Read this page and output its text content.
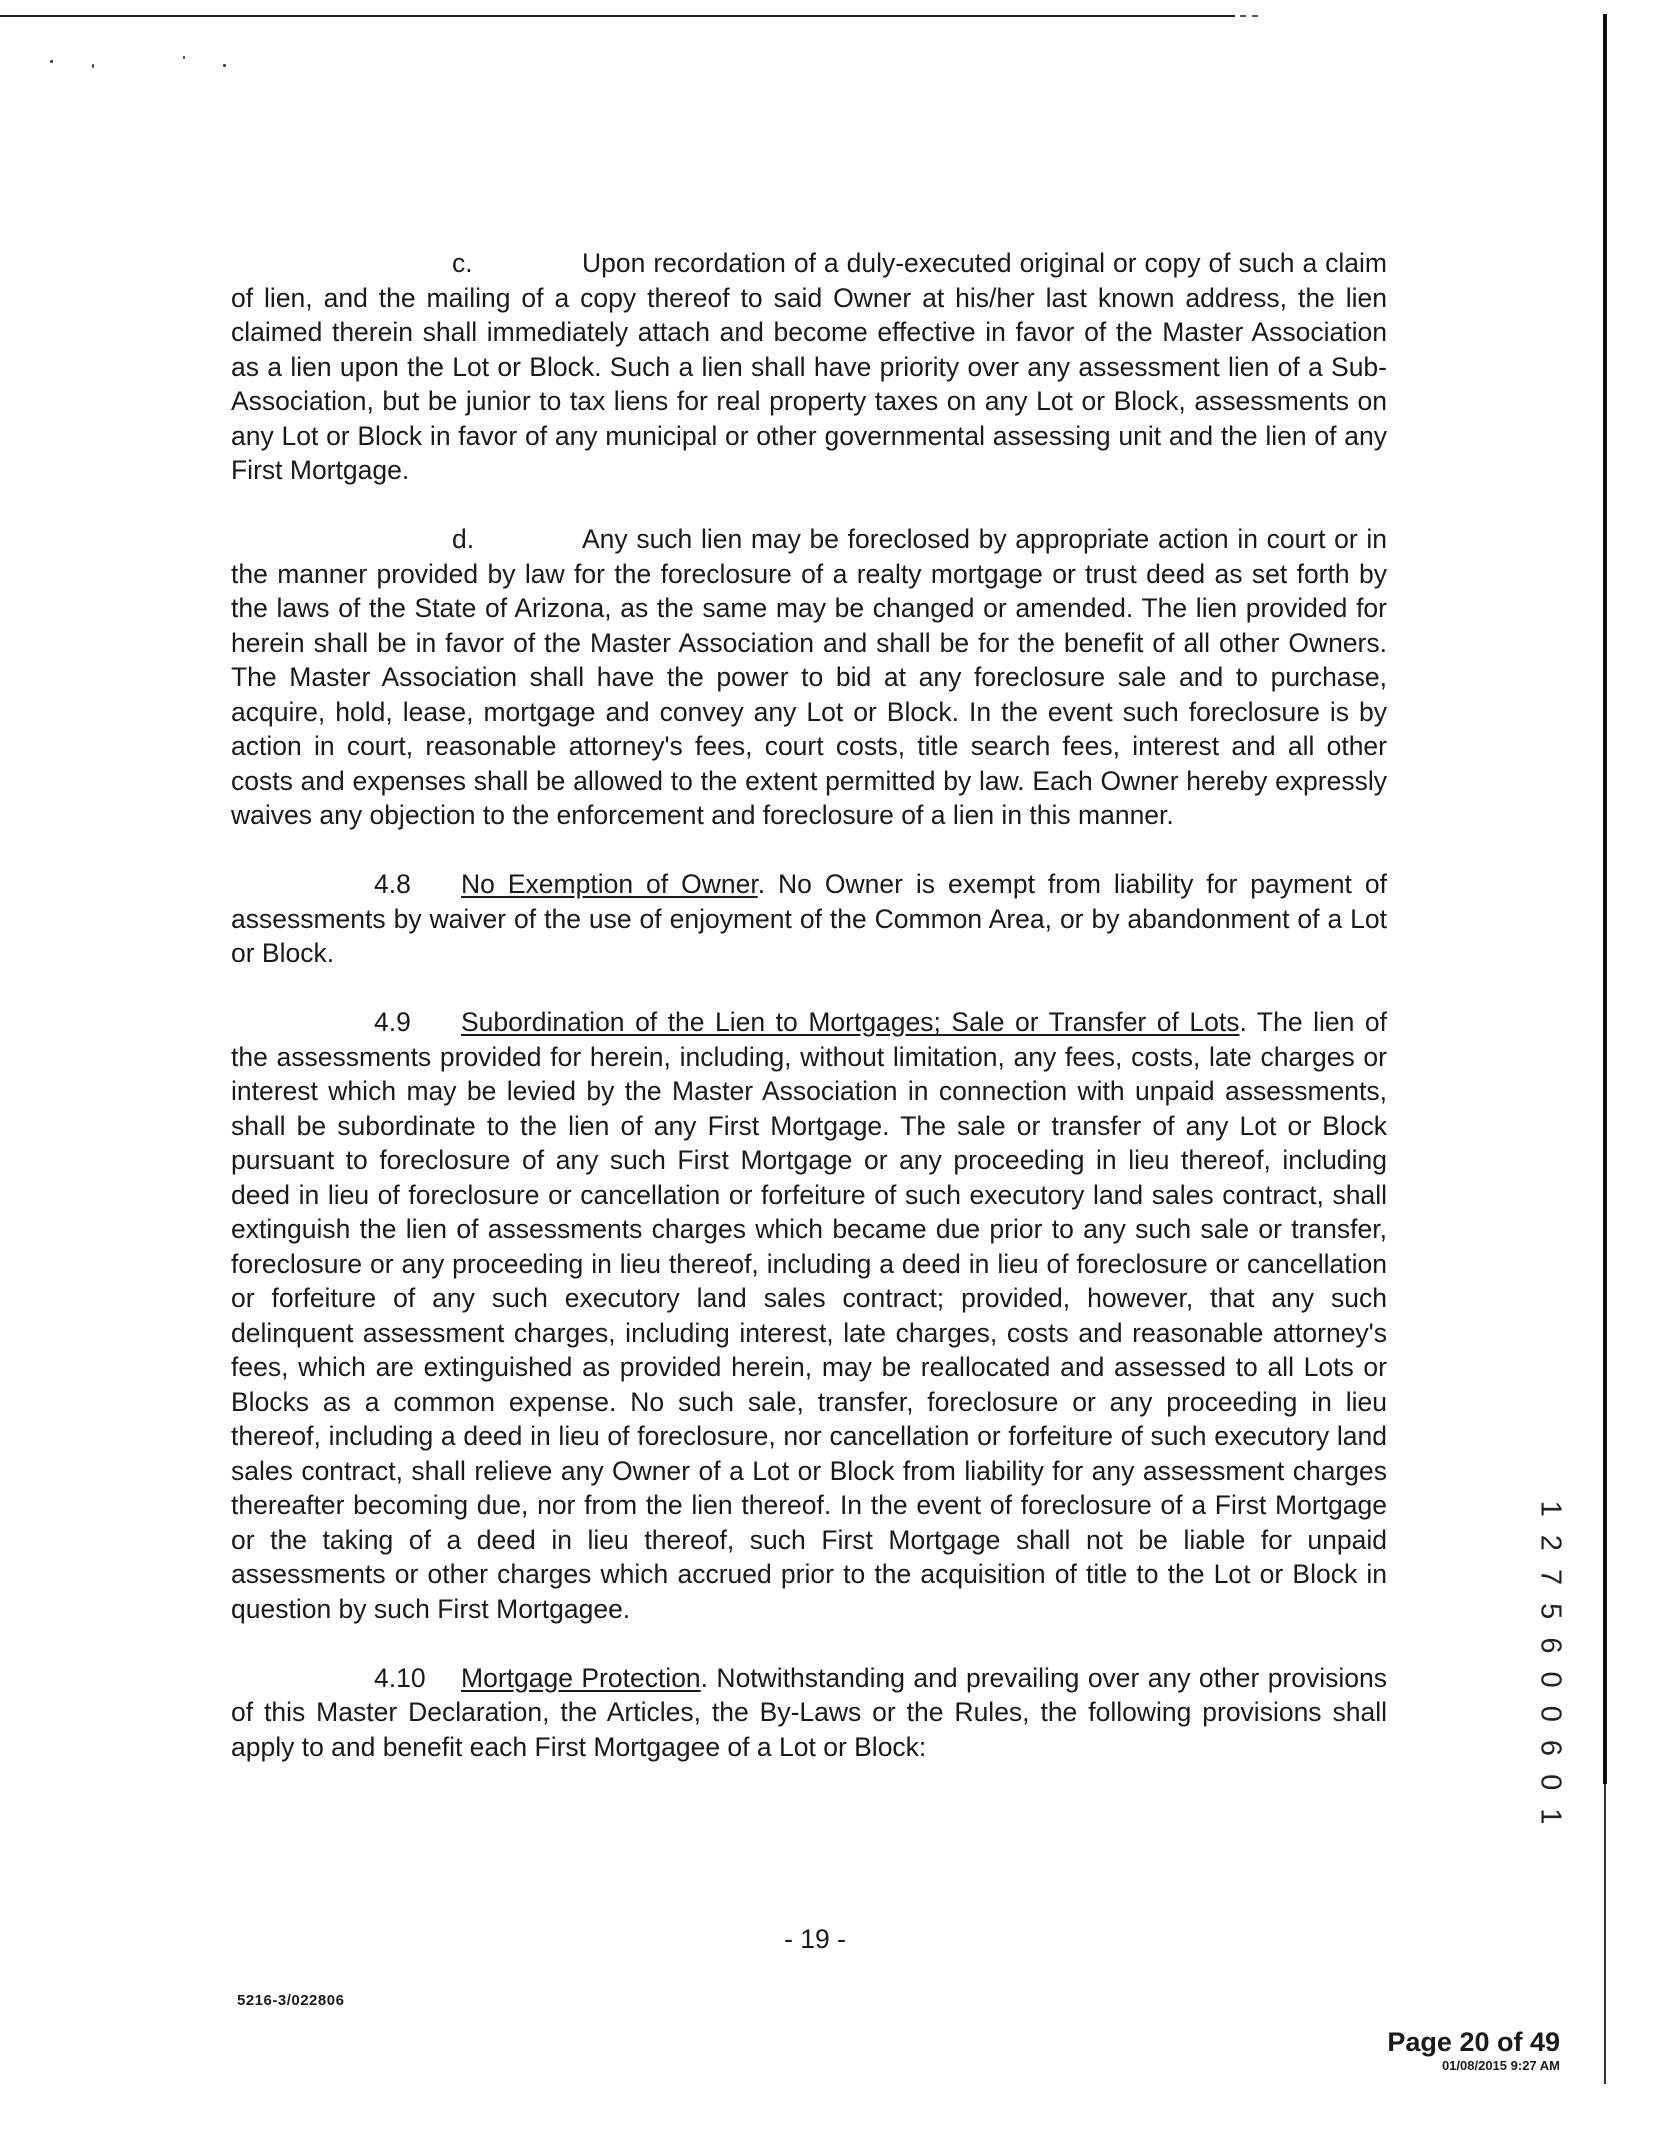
c.	Upon recordation of a duly-executed original or copy of such a claim of lien, and the mailing of a copy thereof to said Owner at his/her last known address, the lien claimed therein shall immediately attach and become effective in favor of the Master Association as a lien upon the Lot or Block. Such a lien shall have priority over any assessment lien of a Sub-Association, but be junior to tax liens for real property taxes on any Lot or Block, assessments on any Lot or Block in favor of any municipal or other governmental assessing unit and the lien of any First Mortgage.

d.	Any such lien may be foreclosed by appropriate action in court or in the manner provided by law for the foreclosure of a realty mortgage or trust deed as set forth by the laws of the State of Arizona, as the same may be changed or amended. The lien provided for herein shall be in favor of the Master Association and shall be for the benefit of all other Owners. The Master Association shall have the power to bid at any foreclosure sale and to purchase, acquire, hold, lease, mortgage and convey any Lot or Block. In the event such foreclosure is by action in court, reasonable attorney's fees, court costs, title search fees, interest and all other costs and expenses shall be allowed to the extent permitted by law. Each Owner hereby expressly waives any objection to the enforcement and foreclosure of a lien in this manner.

4.8 No Exemption of Owner. No Owner is exempt from liability for payment of assessments by waiver of the use of enjoyment of the Common Area, or by abandonment of a Lot or Block.

4.9 Subordination of the Lien to Mortgages; Sale or Transfer of Lots. The lien of the assessments provided for herein, including, without limitation, any fees, costs, late charges or interest which may be levied by the Master Association in connection with unpaid assessments, shall be subordinate to the lien of any First Mortgage. The sale or transfer of any Lot or Block pursuant to foreclosure of any such First Mortgage or any proceeding in lieu thereof, including deed in lieu of foreclosure or cancellation or forfeiture of such executory land sales contract, shall extinguish the lien of assessments charges which became due prior to any such sale or transfer, foreclosure or any proceeding in lieu thereof, including a deed in lieu of foreclosure or cancellation or forfeiture of any such executory land sales contract; provided, however, that any such delinquent assessment charges, including interest, late charges, costs and reasonable attorney's fees, which are extinguished as provided herein, may be reallocated and assessed to all Lots or Blocks as a common expense. No such sale, transfer, foreclosure or any proceeding in lieu thereof, including a deed in lieu of foreclosure, nor cancellation or forfeiture of such executory land sales contract, shall relieve any Owner of a Lot or Block from liability for any assessment charges thereafter becoming due, nor from the lien thereof. In the event of foreclosure of a First Mortgage or the taking of a deed in lieu thereof, such First Mortgage shall not be liable for unpaid assessments or other charges which accrued prior to the acquisition of title to the Lot or Block in question by such First Mortgagee.

4.10 Mortgage Protection. Notwithstanding and prevailing over any other provisions of this Master Declaration, the Articles, the By-Laws or the Rules, the following provisions shall apply to and benefit each First Mortgagee of a Lot or Block:	1 2 7 5 6 0 0 6 0 1
- 19 -
5216-3/022806
Page 20 of 49
01/08/2015 9:27 AM
